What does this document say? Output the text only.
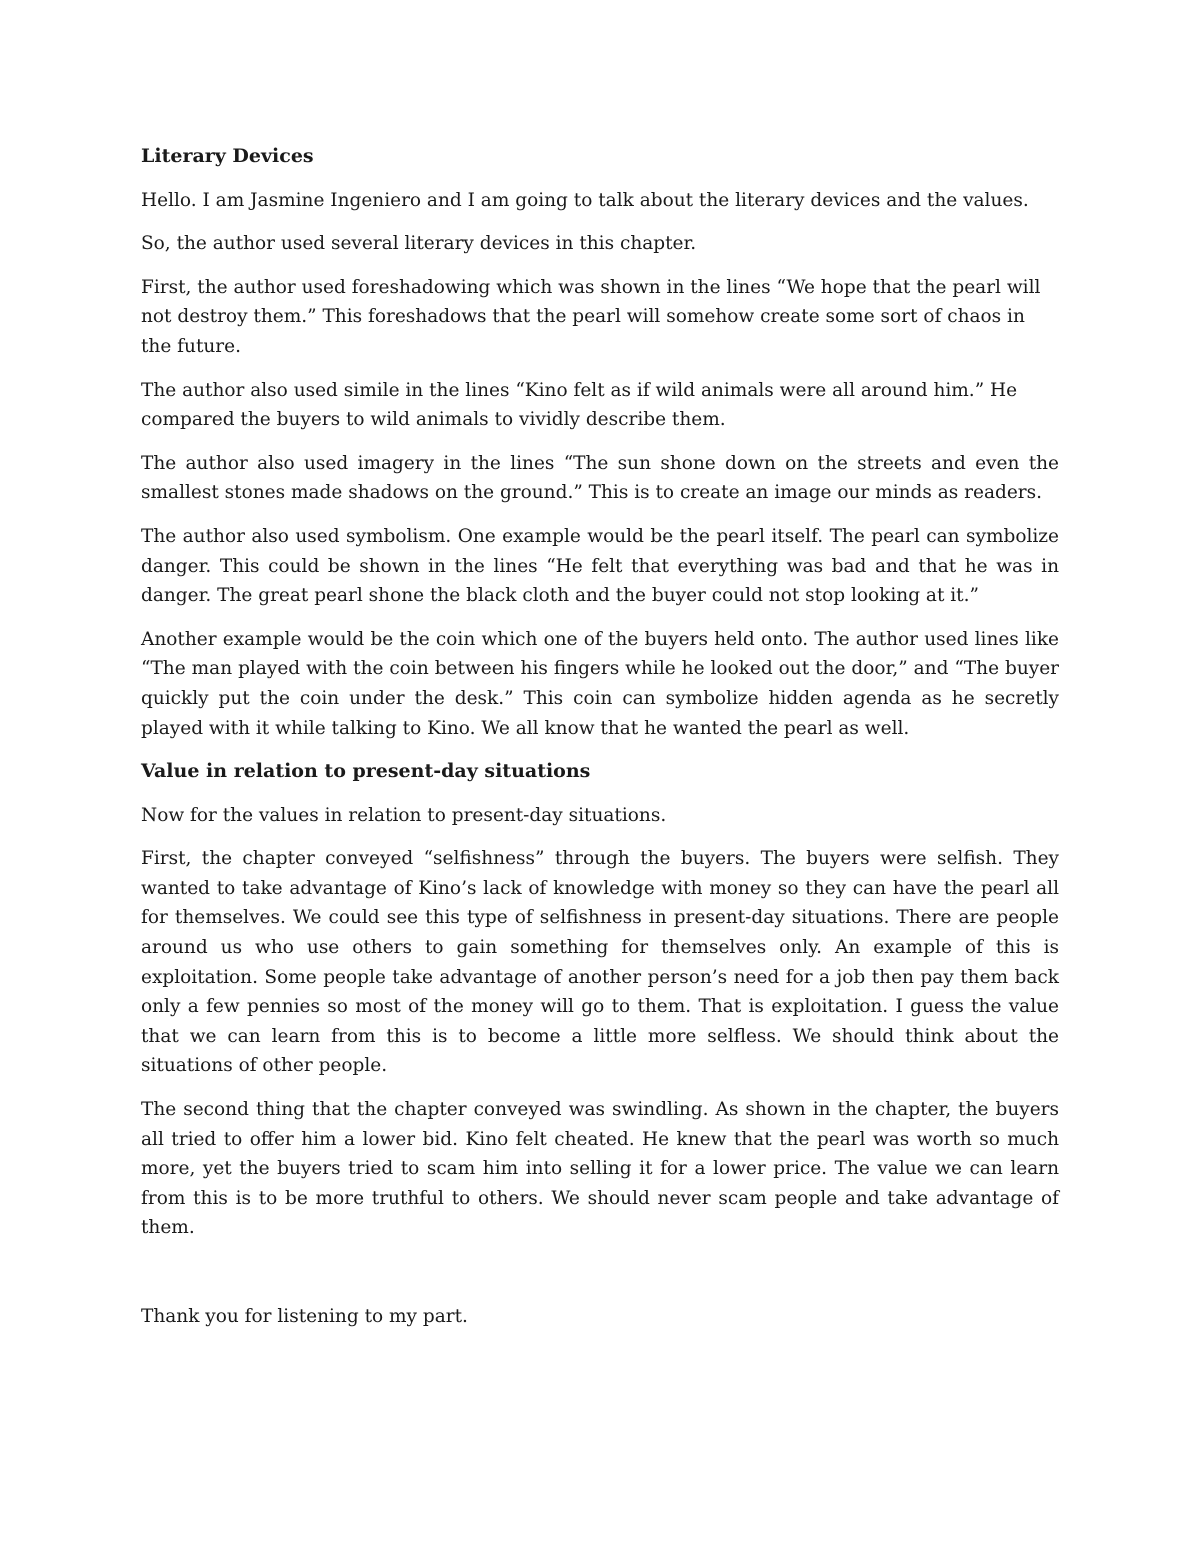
Literary Devices

Hello. I am Jasmine Ingeniero and I am going to talk about the literary devices and the values.

So, the author used several literary devices in this chapter.

First, the author used foreshadowing which was shown in the lines “We hope that the pearl will not destroy them.” This foreshadows that the pearl will somehow create some sort of chaos in the future.

The author also used simile in the lines “Kino felt as if wild animals were all around him.” He compared the buyers to wild animals to vividly describe them.

The author also used imagery in the lines “The sun shone down on the streets and even the smallest stones made shadows on the ground.” This is to create an image our minds as readers.

The author also used symbolism. One example would be the pearl itself. The pearl can symbolize danger. This could be shown in the lines “He felt that everything was bad and that he was in danger. The great pearl shone the black cloth and the buyer could not stop looking at it.”

Another example would be the coin which one of the buyers held onto. The author used lines like “The man played with the coin between his fingers while he looked out the door,” and “The buyer quickly put the coin under the desk.” This coin can symbolize hidden agenda as he secretly played with it while talking to Kino. We all know that he wanted the pearl as well.

Value in relation to present-day situations

Now for the values in relation to present-day situations.

First, the chapter conveyed “selfishness” through the buyers. The buyers were selfish. They wanted to take advantage of Kino’s lack of knowledge with money so they can have the pearl all for themselves. We could see this type of selfishness in present-day situations. There are people around us who use others to gain something for themselves only. An example of this is exploitation. Some people take advantage of another person’s need for a job then pay them back only a few pennies so most of the money will go to them. That is exploitation. I guess the value that we can learn from this is to become a little more selfless. We should think about the situations of other people.

The second thing that the chapter conveyed was swindling. As shown in the chapter, the buyers all tried to offer him a lower bid. Kino felt cheated. He knew that the pearl was worth so much more, yet the buyers tried to scam him into selling it for a lower price. The value we can learn from this is to be more truthful to others. We should never scam people and take advantage of them.

Thank you for listening to my part.
